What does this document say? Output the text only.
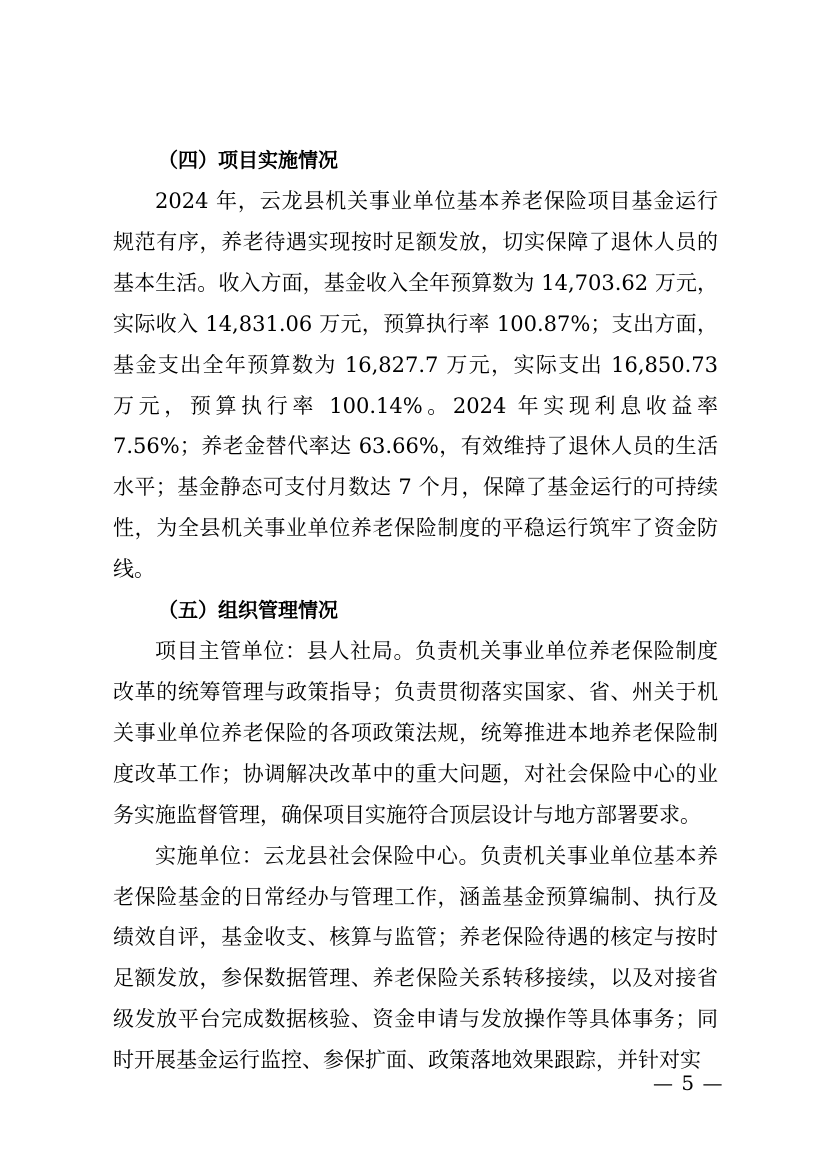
（四）项目实施情况

2024 年，云龙县机关事业单位基本养老保险项目基金运行规范有序，养老待遇实现按时足额发放，切实保障了退休人员的基本生活。收入方面，基金收入全年预算数为 14,703.62 万元，实际收入 14,831.06 万元，预算执行率 100.87%；支出方面，基金支出全年预算数为 16,827.7 万元，实际支出 16,850.73 万元，预算执行率 100.14%。2024 年实现利息收益率 7.56%；养老金替代率达 63.66%，有效维持了退休人员的生活水平；基金静态可支付月数达 7 个月，保障了基金运行的可持续性，为全县机关事业单位养老保险制度的平稳运行筑牢了资金防线。

（五）组织管理情况

项目主管单位：县人社局。负责机关事业单位养老保险制度改革的统筹管理与政策指导；负责贯彻落实国家、省、州关于机关事业单位养老保险的各项政策法规，统筹推进本地养老保险制度改革工作；协调解决改革中的重大问题，对社会保险中心的业务实施监督管理，确保项目实施符合顶层设计与地方部署要求。

实施单位：云龙县社会保险中心。负责机关事业单位基本养老保险基金的日常经办与管理工作，涵盖基金预算编制、执行及绩效自评，基金收支、核算与监管；养老保险待遇的核定与按时足额发放，参保数据管理、养老保险关系转移接续，以及对接省级发放平台完成数据核验、资金申请与发放操作等具体事务；同时开展基金运行监控、参保扩面、政策落地效果跟踪，并针对实

— 5 —
